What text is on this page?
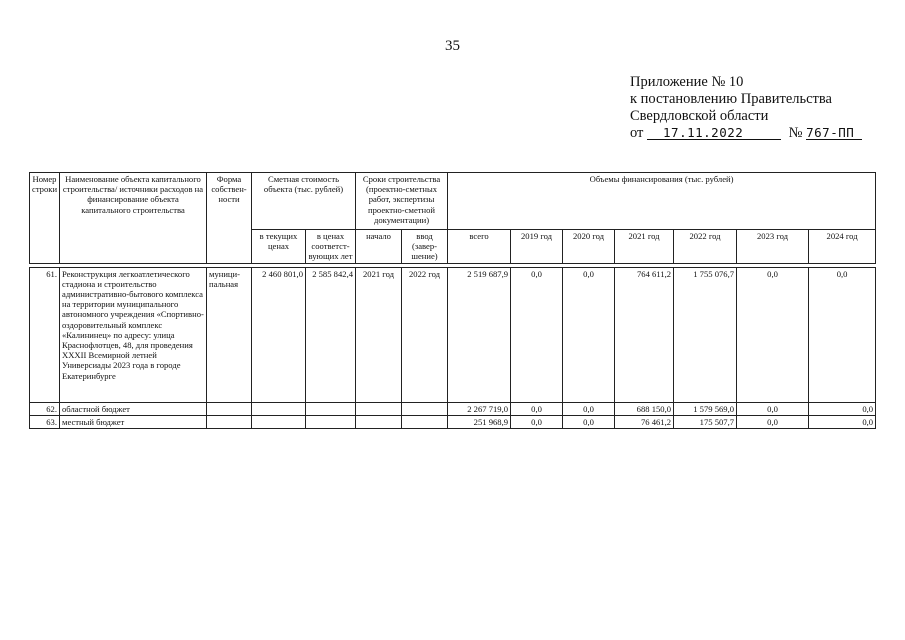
35
Приложение № 10
к постановлению Правительства
Свердловской области
от 17.11.2022	№ 767-ПП
Номер строки	Наименование объекта капитального строительства/ источники расходов на финансирование объекта капитального строительства	Форма собствен-ности	Сметная стоимость объекта (тыс. рублей)		Сроки строительства (проектно-сметных работ, экспертизы проектно-сметной документации)		Объемы финансирования (тыс. рублей)						
			в текущих ценах	в ценах соответст-вующих лет	начало	ввод (завер-шение)	всего	2019 год	2020 год	2021 год	2022 год	2023 год	2024 год

61.	Реконструкция легкоатлетического стадиона и строительство административно-бытового комплекса на территории муниципального автономного учреждения «Спортивно-оздоровительный комплекс «Калининец» по адресу: улица Краснофлотцев, 48, для проведения XXXII Всемирной летней Универсиады 2023 года в городе Екатеринбурге	муници-пальная	2 460 801,0	2 585 842,4	2021 год	2022 год	2 519 687,9	0,0	0,0	764 611,2	1 755 076,7	0,0	0,0
62.	областной бюджет						2 267 719,0	0,0	0,0	688 150,0	1 579 569,0	0,0	0,0
63.	местный бюджет						251 968,9	0,0	0,0	76 461,2	175 507,7	0,0	0,0
